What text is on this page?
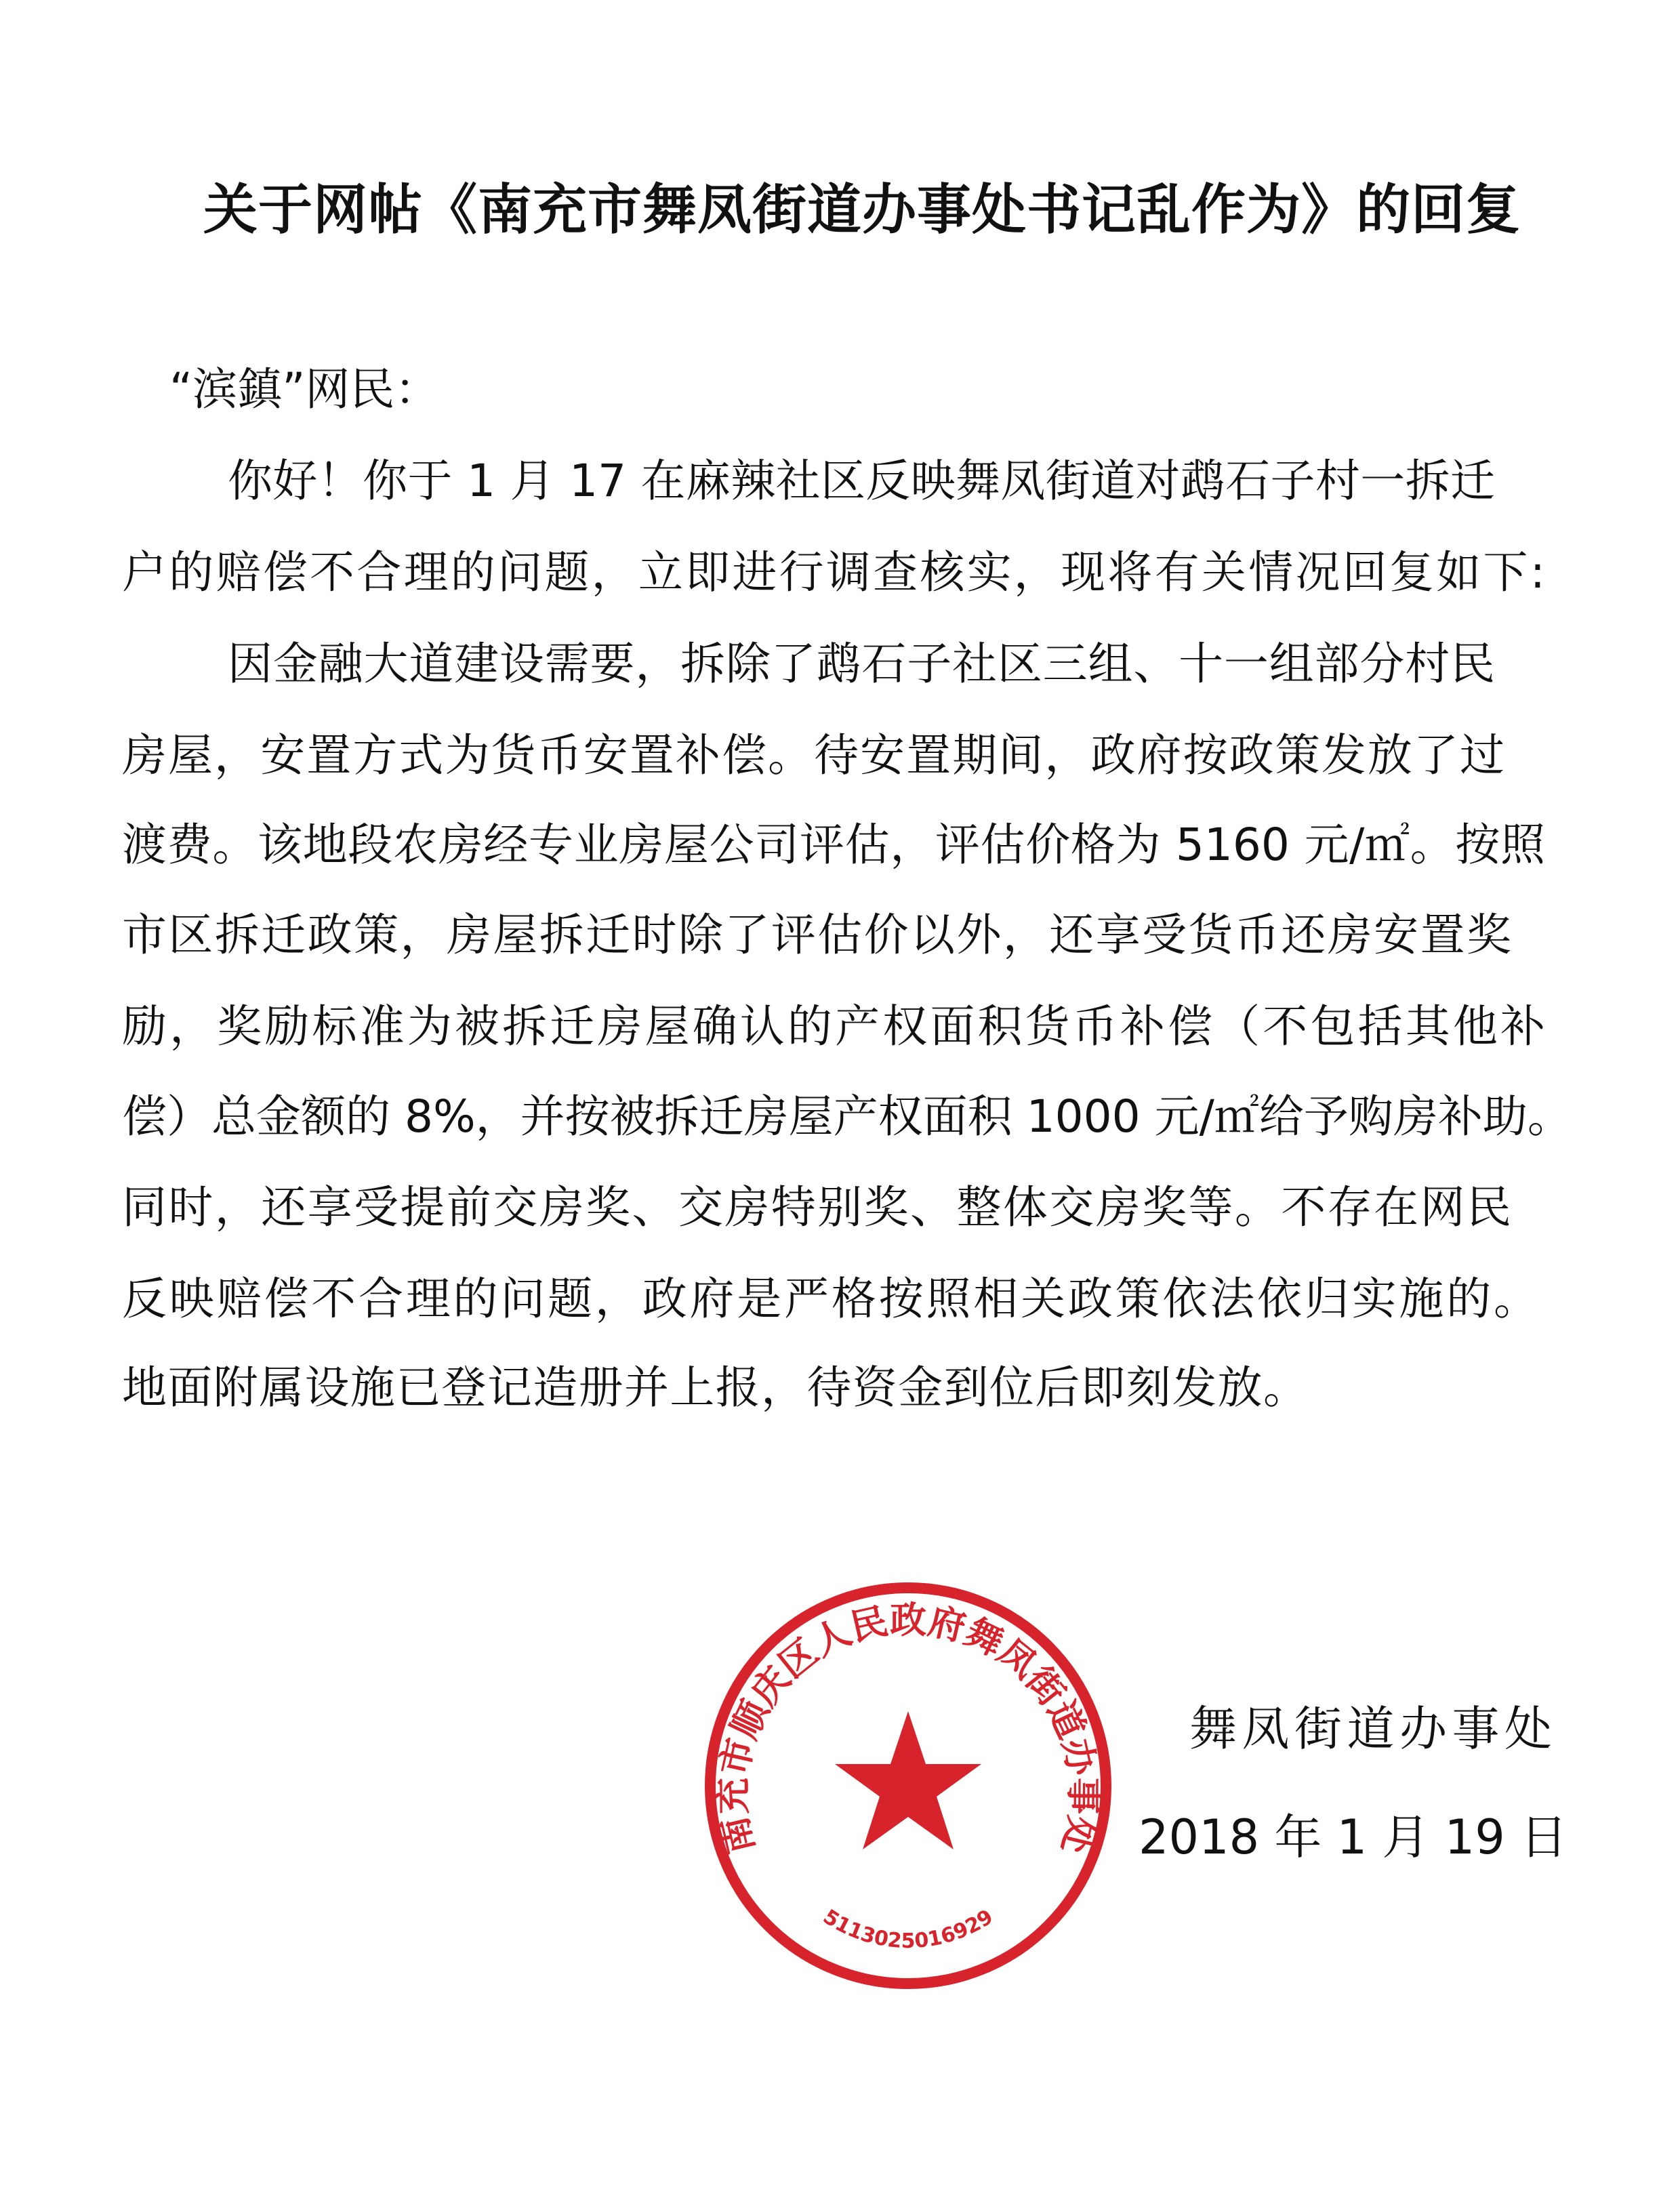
关于网帖《南充市舞凤街道办事处书记乱作为》的回复
“滨鎮”网民：
你好！你于 1 月 17 在麻辣社区反映舞凤街道对鹉石子村一拆迁
户的赔偿不合理的问题，立即进行调查核实，现将有关情况回复如下:
因金融大道建设需要，拆除了鹉石子社区三组、十一组部分村民
房屋，安置方式为货币安置补偿。待安置期间，政府按政策发放了过
渡费。该地段农房经专业房屋公司评估，评估价格为 5160 元/㎡。按照
市区拆迁政策，房屋拆迁时除了评估价以外，还享受货币还房安置奖
励，奖励标准为被拆迁房屋确认的产权面积货币补偿（不包括其他补
偿）总金额的 8%，并按被拆迁房屋产权面积 1000 元/㎡给予购房补助。
同时，还享受提前交房奖、交房特别奖、整体交房奖等。不存在网民
反映赔偿不合理的问题，政府是严格按照相关政策依法依归实施的。
地面附属设施已登记造册并上报，待资金到位后即刻发放。
南充市顺庆区人民政府舞凤街道办事处
5113025016929
舞凤街道办事处
2018 年 1 月 19 日
